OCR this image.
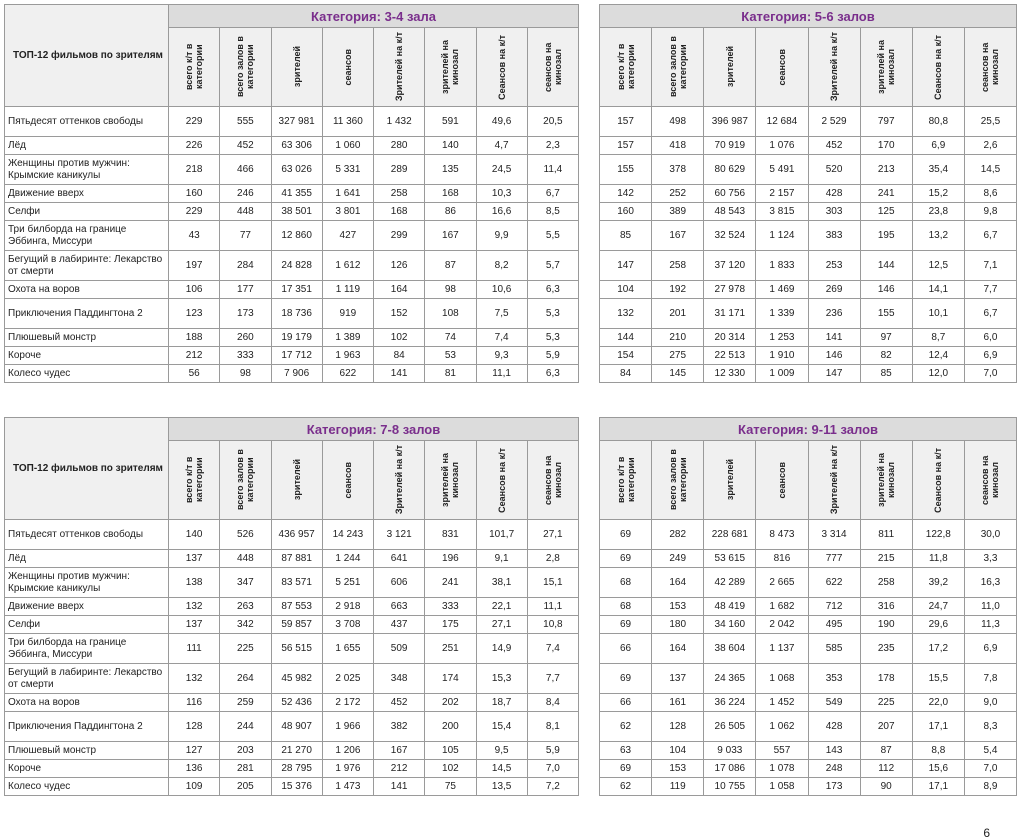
ТОП-12 фильмов по зрителям	Категория: 3-4 зала							

	всего к/т в категории	всего залов в категории	зрителей	сеансов	Зрителей на к/т	зрителей на кинозал	Сеансов на к/т	сеансов на кинозал

Пятьдесят оттенков свободы	229	555	327 981	11 360	1 432	591	49,6	20,5
Лёд	226	452	63 306	1 060	280	140	4,7	2,3
Женщины против мужчин: Крымские каникулы	218	466	63 026	5 331	289	135	24,5	11,4
Движение вверх	160	246	41 355	1 641	258	168	10,3	6,7
Селфи	229	448	38 501	3 801	168	86	16,6	8,5
Три билборда на границе Эббинга, Миссури	43	77	12 860	427	299	167	9,9	5,5
Бегущий в лабиринте: Лекарство от смерти	197	284	24 828	1 612	126	87	8,2	5,7
Охота на воров	106	177	17 351	1 119	164	98	10,6	6,3
Приключения Паддингтона 2	123	173	18 736	919	152	108	7,5	5,3
Плюшевый монстр	188	260	19 179	1 389	102	74	7,4	5,3
Короче	212	333	17 712	1 963	84	53	9,3	5,9
Колесо чудес	56	98	7 906	622	141	81	11,1	6,3
Категория: 5-6 залов							

всего к/т в категории	всего залов в категории	зрителей	сеансов	Зрителей на к/т	зрителей на кинозал	Сеансов на к/т	сеансов на кинозал

157	498	396 987	12 684	2 529	797	80,8	25,5
157	418	70 919	1 076	452	170	6,9	2,6
155	378	80 629	5 491	520	213	35,4	14,5
142	252	60 756	2 157	428	241	15,2	8,6
160	389	48 543	3 815	303	125	23,8	9,8
85	167	32 524	1 124	383	195	13,2	6,7
147	258	37 120	1 833	253	144	12,5	7,1
104	192	27 978	1 469	269	146	14,1	7,7
132	201	31 171	1 339	236	155	10,1	6,7
144	210	20 314	1 253	141	97	8,7	6,0
154	275	22 513	1 910	146	82	12,4	6,9
84	145	12 330	1 009	147	85	12,0	7,0
ТОП-12 фильмов по зрителям	Категория: 7-8 залов							

	всего к/т в категории	всего залов в категории	зрителей	сеансов	Зрителей на к/т	зрителей на кинозал	Сеансов на к/т	сеансов на кинозал

Пятьдесят оттенков свободы	140	526	436 957	14 243	3 121	831	101,7	27,1
Лёд	137	448	87 881	1 244	641	196	9,1	2,8
Женщины против мужчин: Крымские каникулы	138	347	83 571	5 251	606	241	38,1	15,1
Движение вверх	132	263	87 553	2 918	663	333	22,1	11,1
Селфи	137	342	59 857	3 708	437	175	27,1	10,8
Три билборда на границе Эббинга, Миссури	111	225	56 515	1 655	509	251	14,9	7,4
Бегущий в лабиринте: Лекарство от смерти	132	264	45 982	2 025	348	174	15,3	7,7
Охота на воров	116	259	52 436	2 172	452	202	18,7	8,4
Приключения Паддингтона 2	128	244	48 907	1 966	382	200	15,4	8,1
Плюшевый монстр	127	203	21 270	1 206	167	105	9,5	5,9
Короче	136	281	28 795	1 976	212	102	14,5	7,0
Колесо чудес	109	205	15 376	1 473	141	75	13,5	7,2
Категория: 9-11 залов							

всего к/т в категории	всего залов в категории	зрителей	сеансов	Зрителей на к/т	зрителей на кинозал	Сеансов на к/т	сеансов на кинозал

69	282	228 681	8 473	3 314	811	122,8	30,0
69	249	53 615	816	777	215	11,8	3,3
68	164	42 289	2 665	622	258	39,2	16,3
68	153	48 419	1 682	712	316	24,7	11,0
69	180	34 160	2 042	495	190	29,6	11,3
66	164	38 604	1 137	585	235	17,2	6,9
69	137	24 365	1 068	353	178	15,5	7,8
66	161	36 224	1 452	549	225	22,0	9,0
62	128	26 505	1 062	428	207	17,1	8,3
63	104	9 033	557	143	87	8,8	5,4
69	153	17 086	1 078	248	112	15,6	7,0
62	119	10 755	1 058	173	90	17,1	8,9
6
